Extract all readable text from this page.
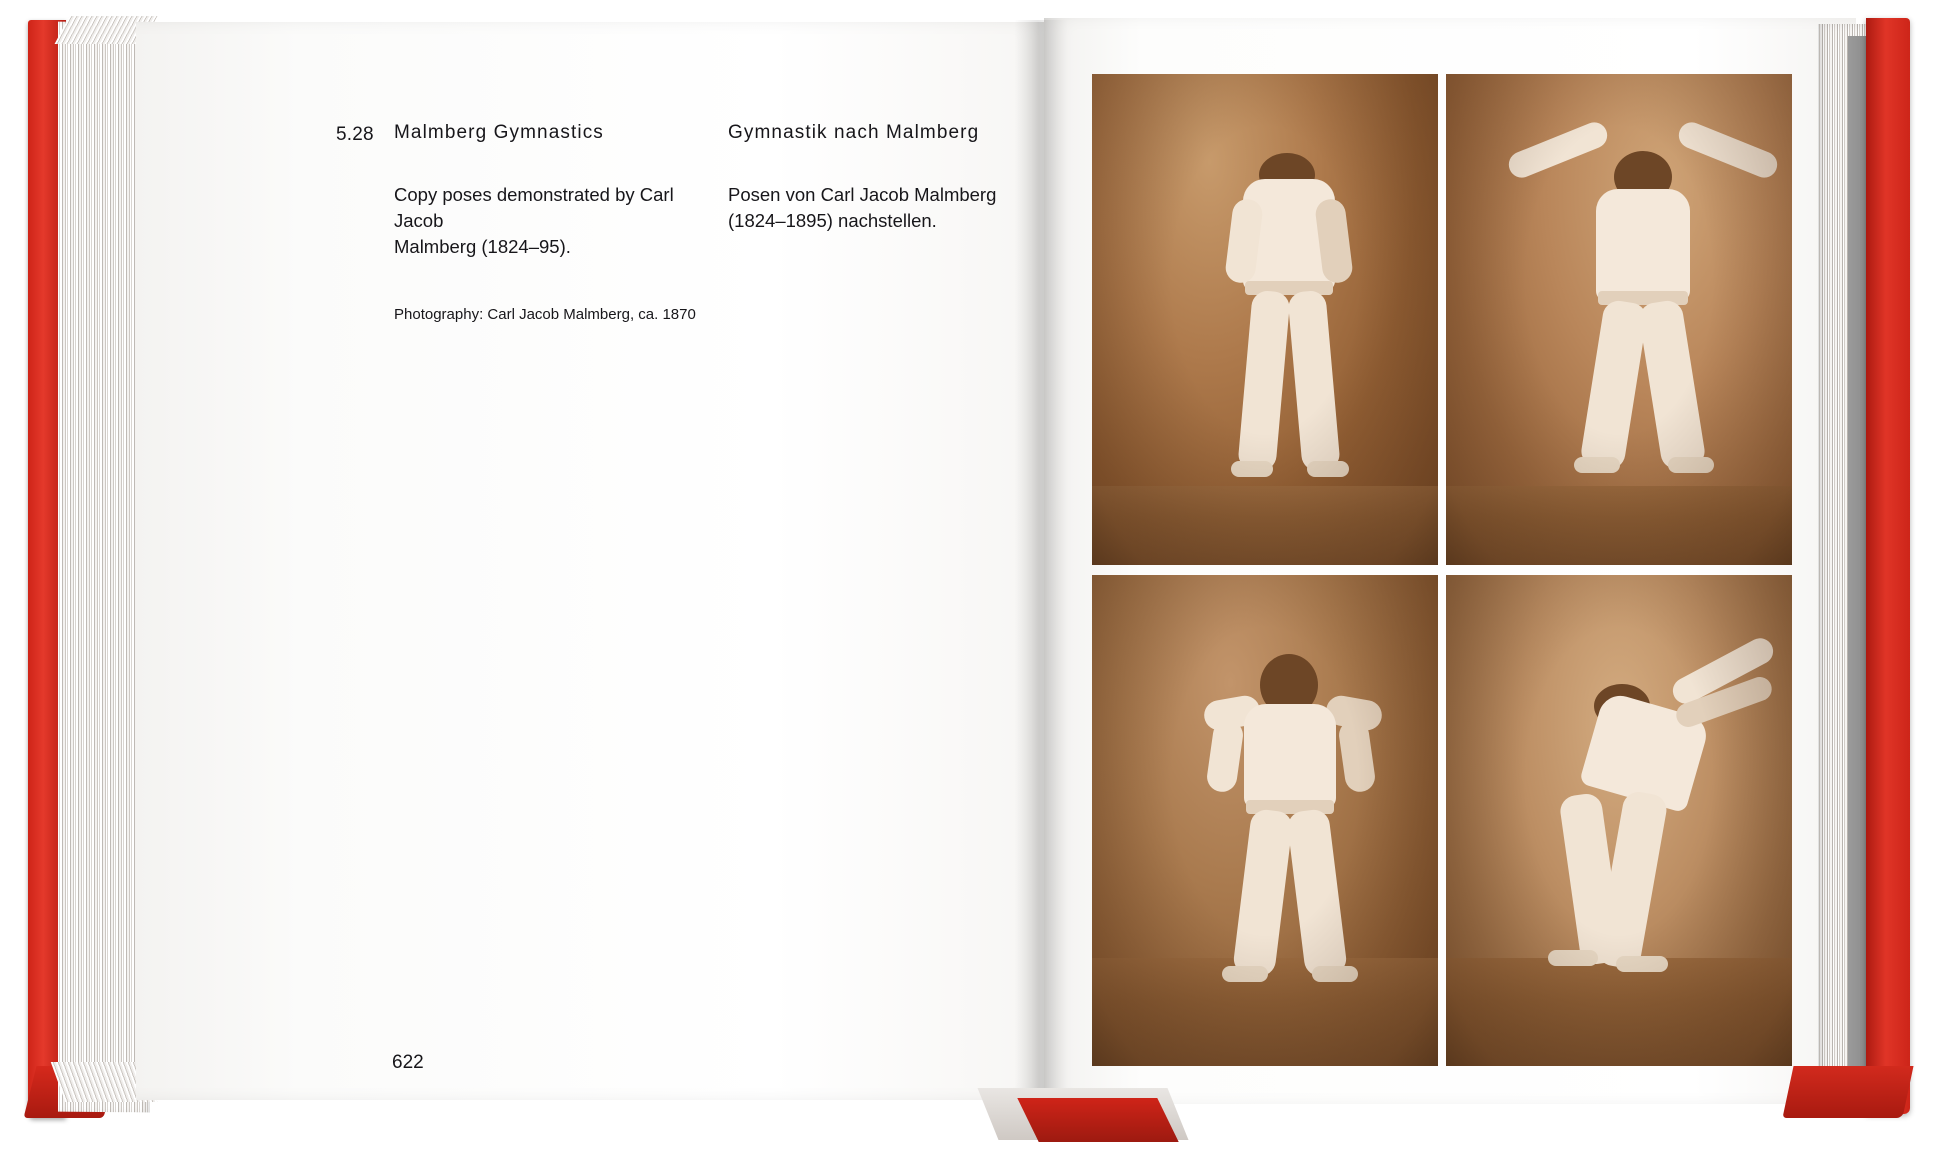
5.28 Malmberg Gymnastics

Copy poses demonstrated by Carl Jacob

Malmberg (1824–95).

Photography: Carl Jacob Malmberg, ca. 1870

Gymnastik nach Malmberg

Posen von Carl Jacob Malmberg

(1824–1895) nachstellen.

622
